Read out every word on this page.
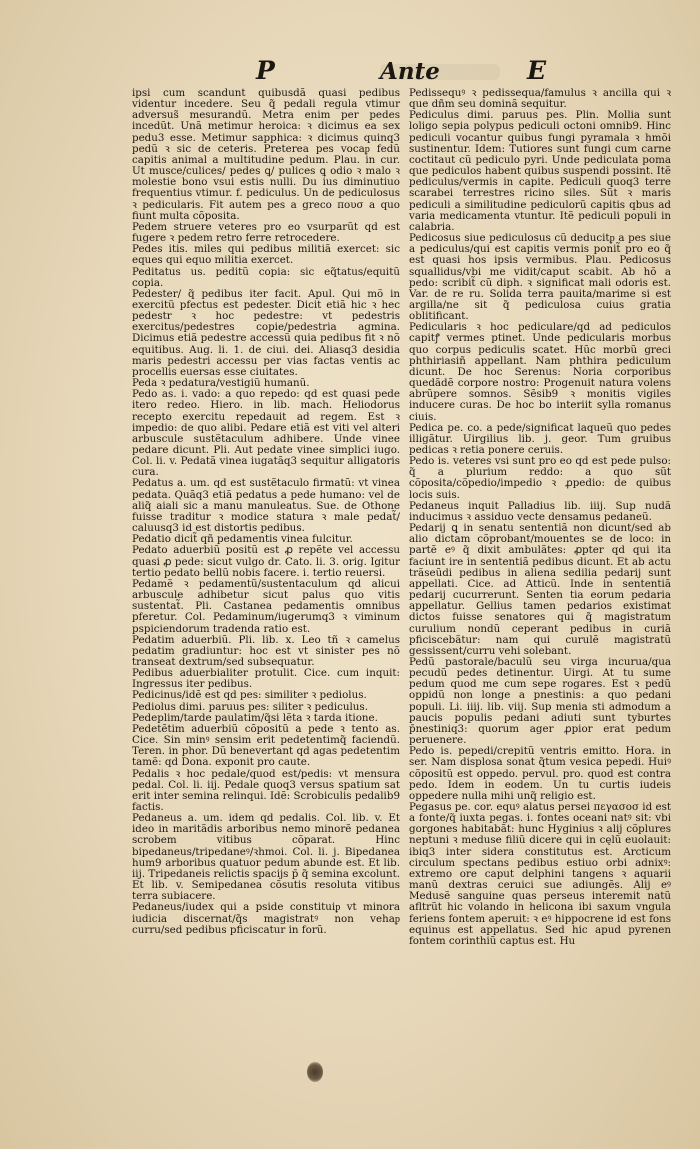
P	Ante	E

ipsi cum scandunt quibusdã quasi pedibus videntur incedere. Seu q̃ pedali regula vtimur adversus̃ mesurandũ. Metra enim per pedes incedũt. Unã metimur heroica: ꝛ dicimus ea sex pedu3 esse. Metimur sapphica: ꝛ dicimus quinq3 pedũ ꝛ sic de ceteris. Preterea pes vocaᵱ fedũ capitis animal a multitudine pedum. Plau. in cur. Ut musce/culices/ pedes ꝗ/ pulices ꝗ odio ꝛ malo ꝛ molestie bono vsui estis nulli. Du ius diminutiuo frequentius vtimur. f. pediculus. Un de pediculosus ꝛ pedicularis. Fit autem pes a greco ᴨουσ a quo fiunt multa cõposita.

Pedem struere veteres pro eo vsurparũt qd est fugere ꝛ pedem retro ferre retrocedere.

Pedes itis. miles qui pedibus militiã exercet: sic eques qui equo militia exercet.

Peditatus us. peditũ copia: sic eq̃tatus/equitũ copia.

Pedester/ q̃ pedibus iter facit. Apul. Qui mõ in exercitũ pfectus est pedester. Dicit etiã hic ꝛ hec pedestr ꝛ hoc pedestre: vt pedestris exercitus/pedestres copie/pedestria agmina. Dicimus etiã pedestre accessũ quia pedibus fit ꝛ nõ equitibus. Aug. li. 1. de ciui. dei. Aliasq3 desidia maris pedestri accessu per vias factas ventis ac procellis euersas esse ciuitates.

Peda ꝛ pedatura/vestigiũ humanũ.

Pedo as. i. vado: a quo repedo: qd est quasi pede itero redeo. Hiero. in lib. mach. Heliodorus recepto exercitu repedauit ad regem. Est ꝛ impedio: de quo alibi. Pedare etiã est viti vel alteri arbuscule sustẽtaculum adhibere. Unde vinee pedare dicunt. Pli. Aut pedate vinee simplici iugo. Col. li. v. Pedatã vinea iugatãq3 sequitur alligatoris cura.

Pedatus a. um. qd est sustẽtaculo firmatũ: vt vinea pedata. Quãq3 etiã pedatus a pede humano: vel de aliq̃ aiali sic a manu manuleatus. Sue. de Othone fuisse traditur ꝛ modice statura ꝛ male pedat̃/ caluusq3 id est distortis pedibus.

Pedatio dicit̃ qñ pedamentis vinea fulcitur.

Pedato aduerbiũ positũ est ꝓ repẽte vel accessu quasi ꝓ pede: sicut vulgo dr. Cato. li. 3. orig. Igitur tertio pedato bellũ nobis facere. i. tertio reuersi.

Pedamẽ ꝛ pedamentũ/sustentaculum qd alicui arbuscule adhibetur sicut palus quo vitis sustentat̃. Pli. Castanea pedamentis omnibus pferetur. Col. Pedaminum/iugerumq3 ꝛ viminum pspiciendorum tradenda ratio est.

Pedatim aduerbiũ. Pli. lib. x. Leo tñ ꝛ camelus pedatim gradiuntur: hoc est vt sinister pes nõ transeat dextrum/sed subsequatur.

Pedibus aduerbialiter protulit. Cice. cum inquit: Ingressus iter pedibus.

Pedicinus/idẽ est qd pes: similiter ꝛ pediolus.

Pediolus dimi. paruus pes: siliter ꝛ pediculus.

Pedeplim/tarde paulatim/q̃si lẽta ꝛ tarda itione.

Pedetẽtim aduerbiũ cõpositũ a pede ꝛ tento as. Cice. Sin minꝰ sensim erit pedetentimq̃ faciendũ. Teren. in phor. Dũ benevertant qd agas pedetentim tamẽ: qd Dona. exponit pro caute.

Pedalis ꝛ hoc pedale/quod est/pedis: vt mensura pedal. Col. li. iij. Pedale quoq3 versus spatium sat erit inter semina relinqui. Idẽ: Scrobiculis pedalib9 factis.

Pedaneus a. um. idem qd pedalis. Col. lib. v. Et ideo in maritãdis arboribus nemo minorẽ pedanea scrobem vitibus cõparat. Hinc bipedaneus/tripedaneꝰ/ꝛhmoi. Col. li. j. Bipedanea hum9 arboribus quatuor pedum abunde est. Et lib. iij. Tripedaneis relictis spacijs p̄ q̃ semina excolunt. Et lib. v. Semipedanea cõsutis resoluta vitibus terra subiacere.

Pedaneus/iudex qui a pside constituiᵱ vt minora iudicia discernat/q̃s magistratꝰ non vehaᵱ curru/sed pedibus pficiscatur in forũ.

Pedissequꝰ ꝛ pedissequa/famulus ꝛ ancilla qui ꝛ que dñm seu dominã sequitur.

Pediculus dimi. paruus pes. Plin. Mollia sunt loligo sepia polypus pediculi octoni omnib9. Hinc pediculi vocantur quibus fungi pyramala ꝛ hmõi sustinentur. Idem: Tutiores sunt fungi cum carne coctitaut cũ pediculo pyri. Unde pediculata poma que pediculos habent quibus suspendi possint. Itẽ pediculus/vermis in capite. Pediculi quoq3 terre scarabei terrestres ricino siles. Sũt ꝛ maris pediculi a similitudine pediculorũ capitis qbus ad varia medicamenta vtuntur. Itẽ pediculi populi in calabria.

Pedicosus siue pediculosus cũ deducitᵱ a pes siue a pediculus/qui est capitis vermis ponit̃ pro eo q̃ est quasi hos ipsis vermibus. Plau. Pedicosus squallidus/vbi me vidit/caput scabit. Ab hõ a pedo: scribit̃ cũ diph. ꝛ significat mali odoris est. Var. de re ru. Solida terra pauita/marime si est argilla/ne sit q̃ pediculosa cuius gratia oblitificant.

Pedicularis ꝛ hoc pediculare/qd ad pediculos capitꝭ vermes ptinet. Unde pedicularis morbus quo corpus pediculis scatet. Hũc morbũ greci phthiriasiñ appellant. Nam phthira pediculum dicunt. De hoc Serenus: Noria corporibus quedãdẽ corpore nostro: Progenuit natura volens abrũpere somnos. Sẽsib9 ꝛ monitis vigiles inducere curas. De hoc bo interiit sylla romanus ciuis.

Pedica pe. co. a pede/significat laqueũ quo pedes illigãtur. Uirgilius lib. j. geor. Tum gruibus pedicas ꝛ retia ponere ceruis.

Pedo is. veteres vsi sunt pro eo qd est pede pulso: q̃ a plurium reddo: a quo sũt cõposita/cõpedio/impedio ꝛ ꝓpedio: de quibus locis suis.

Pedaneus inquit Palladius lib. iiij. Sup nudã inducimus ꝛ assiduo vecte densamus pedaneũ.

Pedarij ꝗ in senatu sententiã non dicunt/sed ab alio dictam cõprobant/mouentes se de loco: in partẽ eꝰ q̃ dixit ambulãtes: ꝓpter qd qui ita faciunt ire in sententiã pedibus dicunt. Et ab actu trãseũdi pedibus in aliena sedilia pedarij sunt appellati. Cice. ad Atticũ. Inde in sententiã pedarij cucurrerunt. Senten tia eorum pedaria appellatur. Gellius tamen pedarios existimat dictos fuisse senatores qui q̃ magistratum curulium nondũ ceperant pedibus in curiã pficiscebãtur: nam qui curulẽ magistratũ gessissent/curru vehi solebant.

Pedũ pastorale/baculũ seu virga incurua/qua pecudũ pedes detinentur. Uirgi. At tu sume pedum quod me cum sepe rogares. Est ꝛ pedũ oppidũ non longe a pnestinis: a quo pedani populi. Li. iiij. lib. viij. Sup menia sti admodum a paucis populis pedani adiuti sunt tyburtes p̄nestiniq3: quorum ager ꝓpior erat pedum peruenere.

Pedo is. pepedi/crepitũ ventris emitto. Hora. in ser. Nam displosa sonat q̃tum vesica pepedi. Huiꝰ cõpositũ est oppedo. pervul. pro. quod est contra pedo. Idem in eodem. Un tu curtis iudeis oppedere nulla mihi unq̃ religio est.

Pegasus pe. cor. equꝰ alatus persei ᴨεγασοσ id est a fonte/q̃ iuxta pegas. i. fontes oceani natꝰ sit: vbi gorgones habitabãt: hunc Hyginius ꝛ alij cõplures neptuni ꝛ meduse filiũ dicere qui in cęlũ euolauit: ibiq3 inter sidera constitutus est. Arcticum circulum spectans pedibus estiuo orbi adnixꝰ: extremo ore caput delphini tangens ꝛ aquarii manũ dextras ceruici sue adiungẽs. Alij eꝰ Medusẽ sanguine quas perseus interemit natũ afltrũt hic volando in helicona ibi saxum vngula feriens fontem aperuit: ꝛ eꝰ hippocrene id est fons equinus est appellatus. Sed hic apud pyrenen fontem corinthiũ captus est. Hu
